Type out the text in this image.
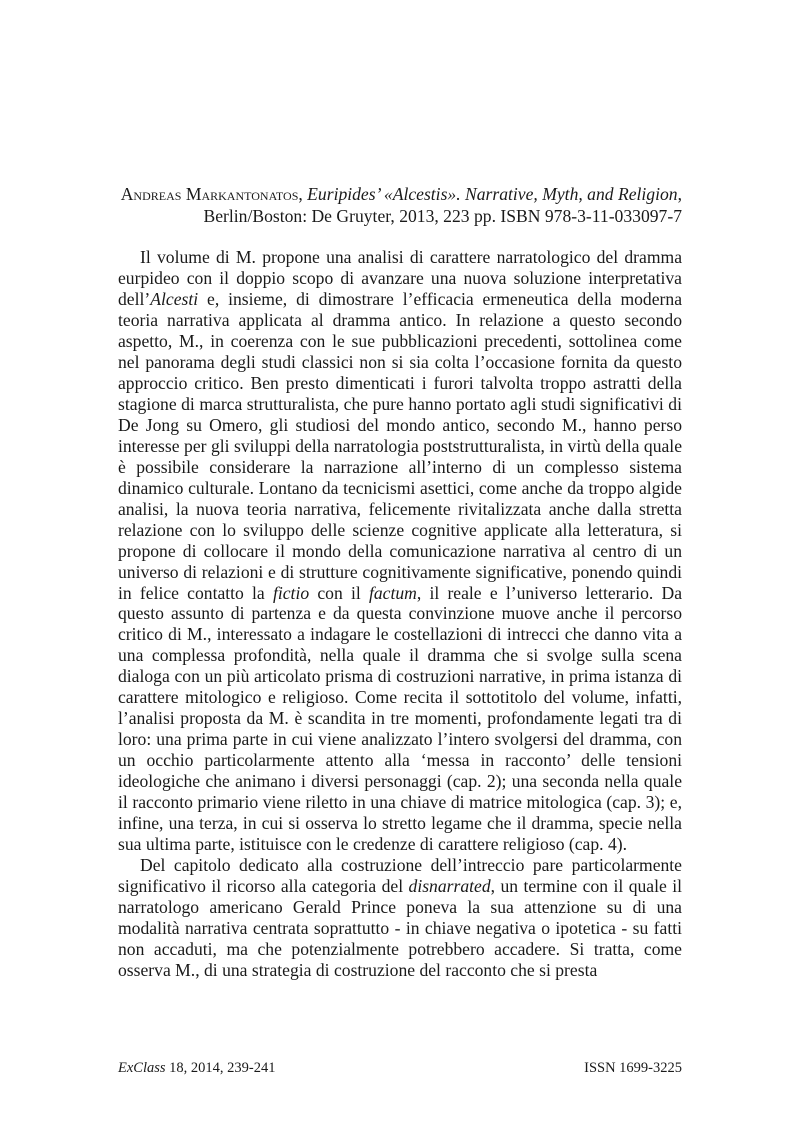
Andreas Markantonatos, Euripides’ «Alcestis». Narrative, Myth, and Religion, Berlin/Boston: De Gruyter, 2013, 223 pp. ISBN 978-3-11-033097-7

Il volume di M. propone una analisi di carattere narratologico del dramma eurpideo con il doppio scopo di avanzare una nuova soluzione interpretativa dell’Alcesti e, insieme, di dimostrare l’efficacia ermeneutica della moderna teoria narrativa applicata al dramma antico. In relazione a questo secondo aspetto, M., in coerenza con le sue pubblicazioni precedenti, sottolinea come nel panorama degli studi classici non si sia colta l’occasione fornita da questo approccio critico. Ben presto dimenticati i furori talvolta troppo astratti della stagione di marca strutturalista, che pure hanno portato agli studi significativi di De Jong su Omero, gli studiosi del mondo antico, secondo M., hanno perso interesse per gli sviluppi della narratologia poststrutturalista, in virtù della quale è possibile considerare la narrazione all’interno di un complesso sistema dinamico culturale. Lontano da tecnicismi asettici, come anche da troppo algide analisi, la nuova teoria narrativa, felicemente rivitalizzata anche dalla stretta relazione con lo sviluppo delle scienze cognitive applicate alla letteratura, si propone di collocare il mondo della comunicazione narrativa al centro di un universo di relazioni e di strutture cognitivamente significative, ponendo quindi in felice contatto la fictio con il factum, il reale e l’universo letterario. Da questo assunto di partenza e da questa convinzione muove anche il percorso critico di M., interessato a indagare le costellazioni di intrecci che danno vita a una complessa profondità, nella quale il dramma che si svolge sulla scena dialoga con un più articolato prisma di costruzioni narrative, in prima istanza di carattere mitologico e religioso. Come recita il sottotitolo del volume, infatti, l’analisi proposta da M. è scandita in tre momenti, profondamente legati tra di loro: una prima parte in cui viene analizzato l’intero svolgersi del dramma, con un occhio particolarmente attento alla ‘messa in racconto’ delle tensioni ideologiche che animano i diversi personaggi (cap. 2); una seconda nella quale il racconto primario viene riletto in una chiave di matrice mitologica (cap. 3); e, infine, una terza, in cui si osserva lo stretto legame che il dramma, specie nella sua ultima parte, istituisce con le credenze di carattere religioso (cap. 4).

Del capitolo dedicato alla costruzione dell’intreccio pare particolarmente significativo il ricorso alla categoria del disnarrated, un termine con il quale il narratologo americano Gerald Prince poneva la sua attenzione su di una modalità narrativa centrata soprattutto - in chiave negativa o ipotetica - su fatti non accaduti, ma che potenzialmente potrebbero accadere. Si tratta, come osserva M., di una strategia di costruzione del racconto che si presta

ExClass 18, 2014, 239-241	ISSN 1699-3225
